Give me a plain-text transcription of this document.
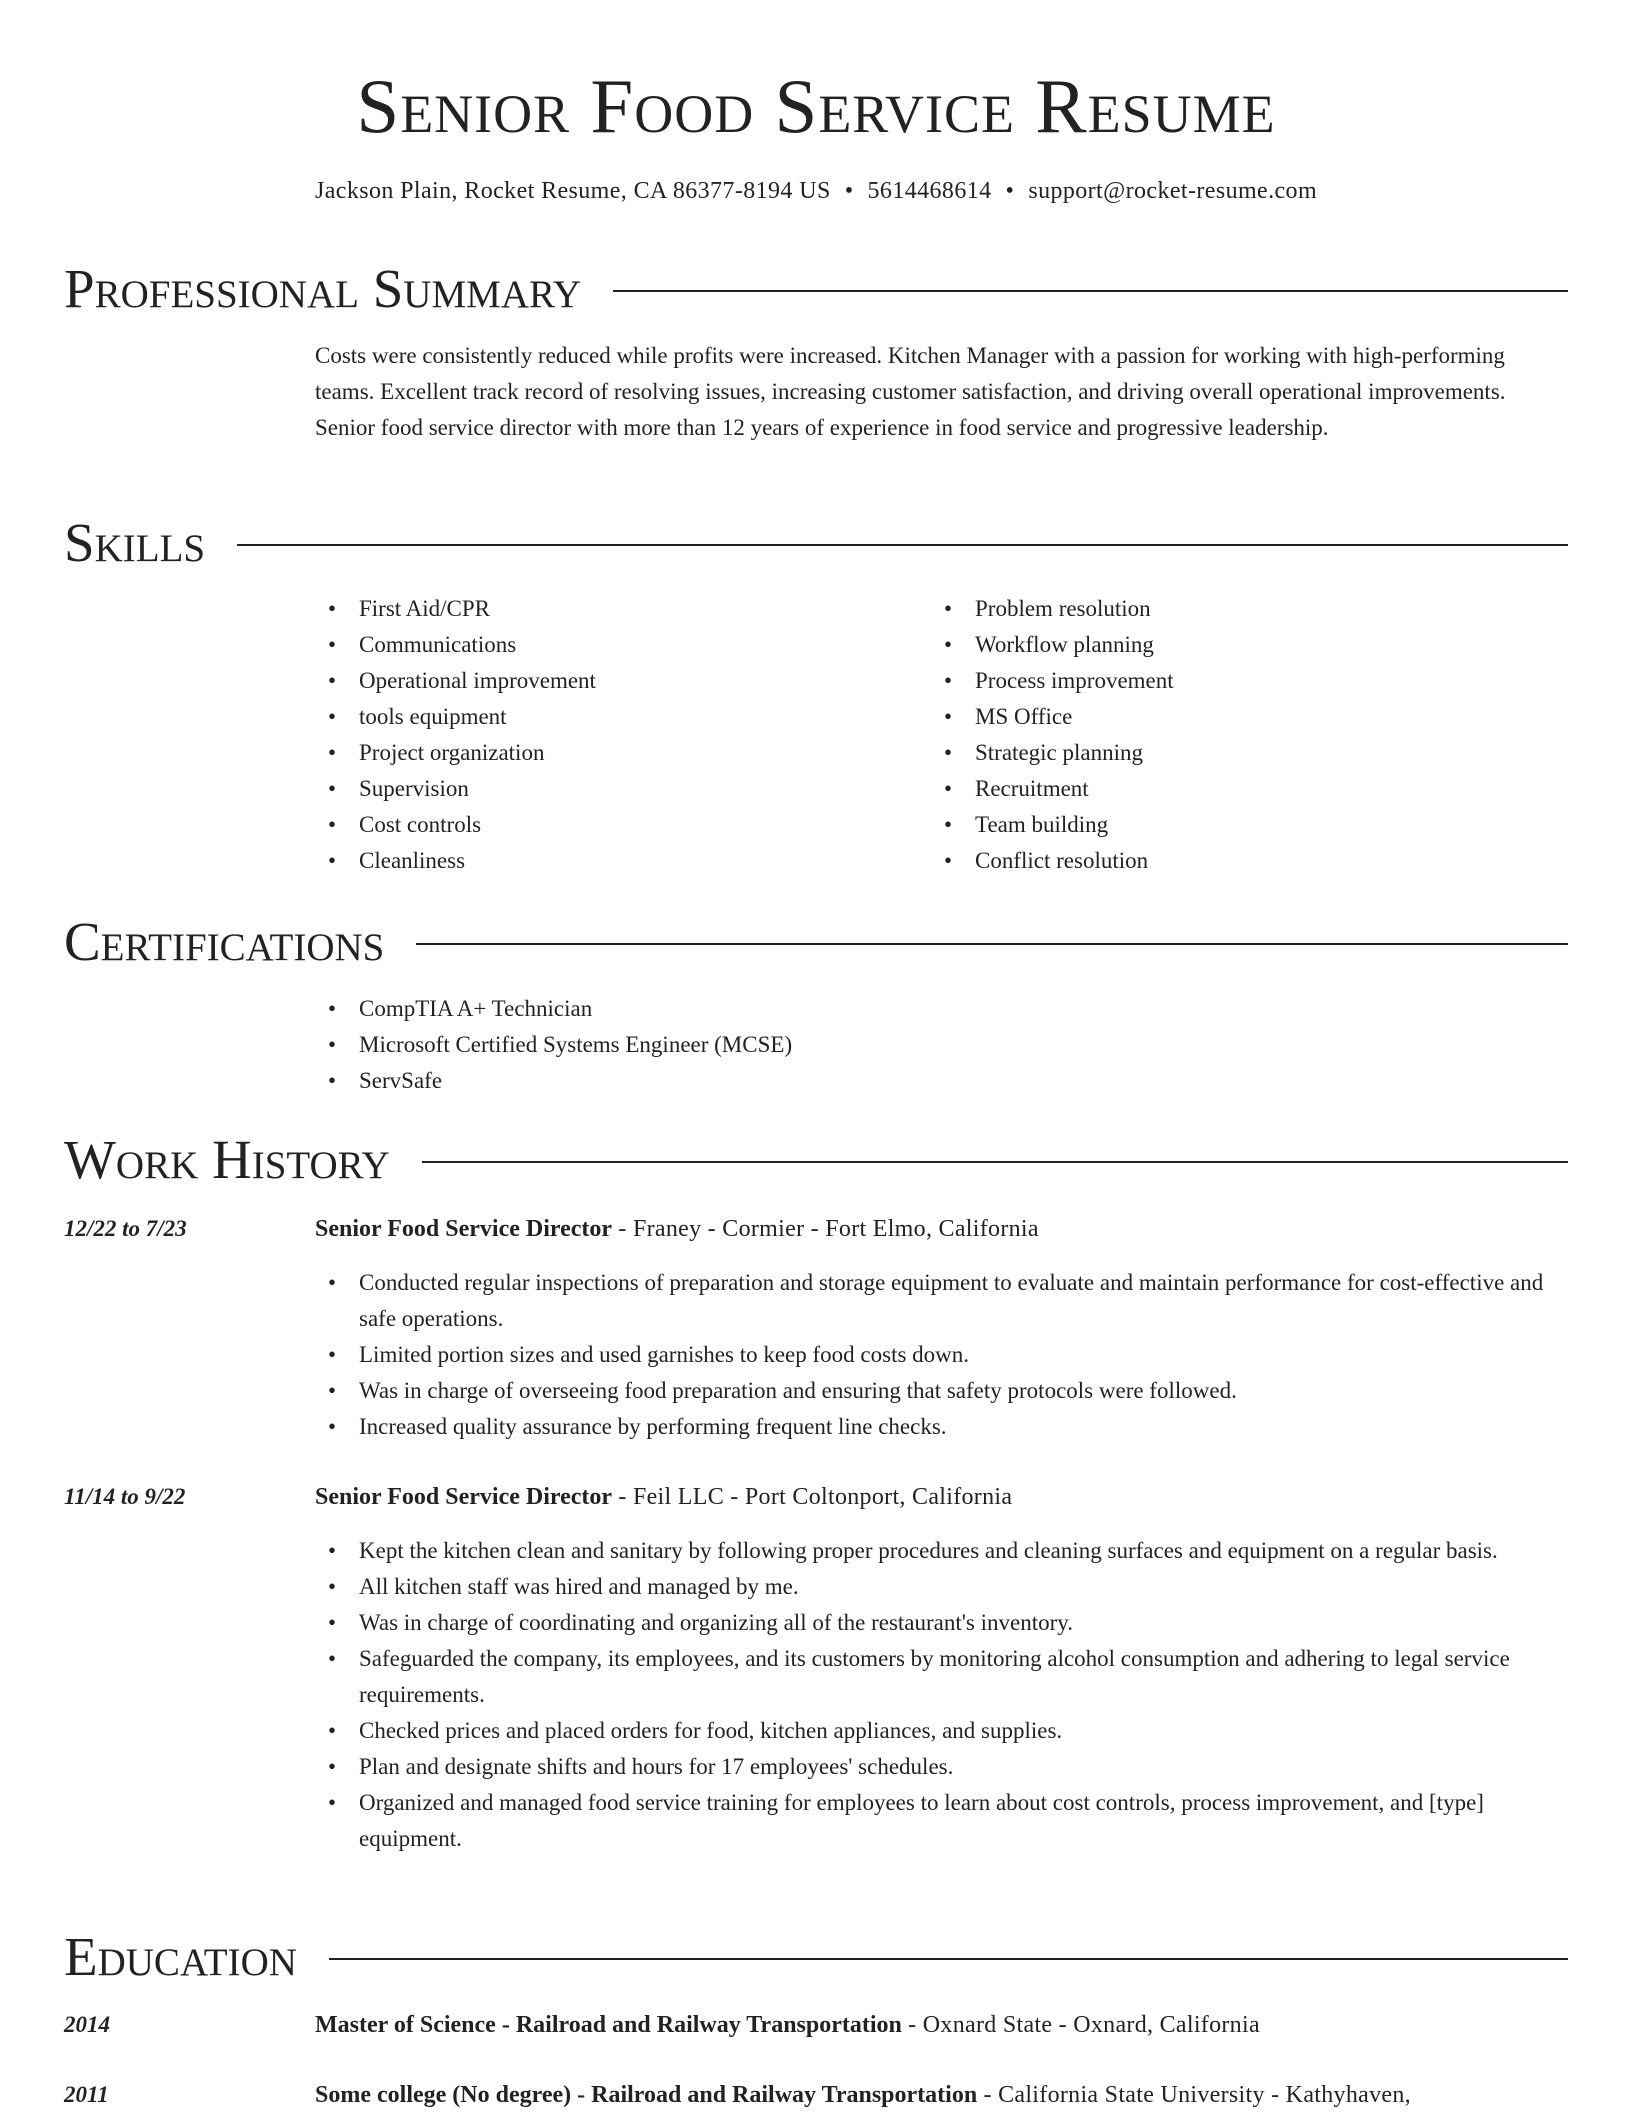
Senior Food Service Resume
Jackson Plain, Rocket Resume, CA 86377-8194 US • 5614468614 • support@rocket-resume.com
Professional Summary

Costs were consistently reduced while profits were increased. Kitchen Manager with a passion for working with high-performing teams. Excellent track record of resolving issues, increasing customer satisfaction, and driving overall operational improvements. Senior food service director with more than 12 years of experience in food service and progressive leadership.

Skills
• First Aid/CPR
• Communications
• Operational improvement
• tools equipment
• Project organization
• Supervision
• Cost controls
• Cleanliness
• Problem resolution
• Workflow planning
• Process improvement
• MS Office
• Strategic planning
• Recruitment
• Team building
• Conflict resolution
Certifications
• CompTIA A+ Technician
• Microsoft Certified Systems Engineer (MCSE)
• ServSafe
Work History
12/22 to 7/23	Senior Food Service Director - Franey - Cormier - Fort Elmo, California
• Conducted regular inspections of preparation and storage equipment to evaluate and maintain performance for cost-effective and safe operations.
• Limited portion sizes and used garnishes to keep food costs down.
• Was in charge of overseeing food preparation and ensuring that safety protocols were followed.
• Increased quality assurance by performing frequent line checks.
11/14 to 9/22	Senior Food Service Director - Feil LLC - Port Coltonport, California
• Kept the kitchen clean and sanitary by following proper procedures and cleaning surfaces and equipment on a regular basis.
• All kitchen staff was hired and managed by me.
• Was in charge of coordinating and organizing all of the restaurant's inventory.
• Safeguarded the company, its employees, and its customers by monitoring alcohol consumption and adhering to legal service requirements.
• Checked prices and placed orders for food, kitchen appliances, and supplies.
• Plan and designate shifts and hours for 17 employees' schedules.
• Organized and managed food service training for employees to learn about cost controls, process improvement, and [type] equipment.
Education
2014	Master of Science - Railroad and Railway Transportation - Oxnard State - Oxnard, California
2011	Some college (No degree) - Railroad and Railway Transportation - California State University - Kathyhaven,
